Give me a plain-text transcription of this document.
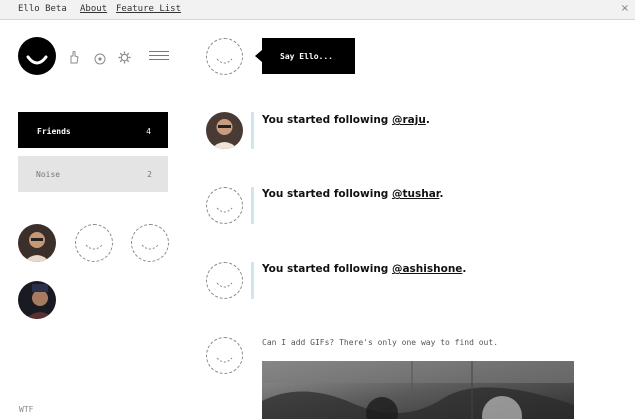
Ello Beta About Feature List	×
Friends	4
Noise	2
WTF
Say Ello...
You started following @raju.
You started following @tushar.
You started following @ashishone.
Can I add GIFs? There's only one way to find out.
